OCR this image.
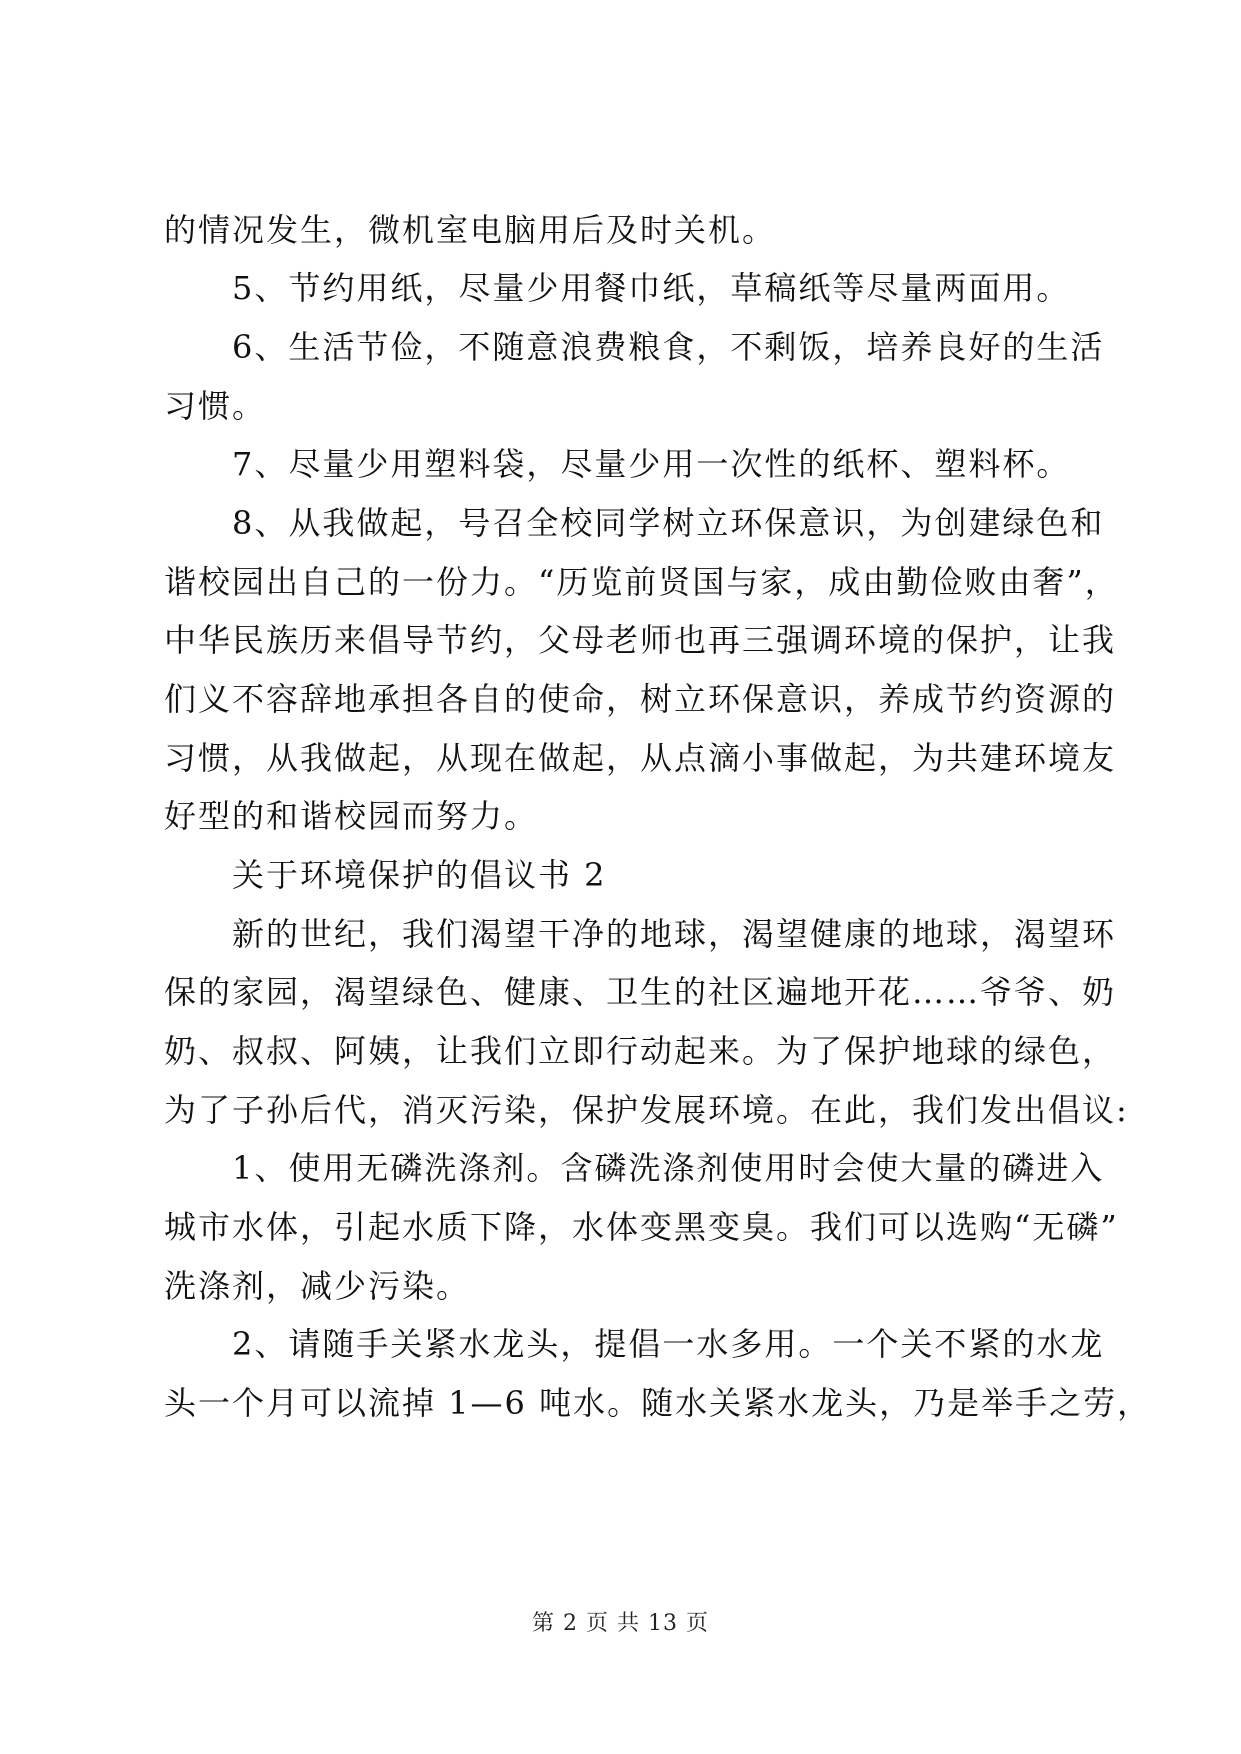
的情况发生，微机室电脑用后及时关机。
5、节约用纸，尽量少用餐巾纸，草稿纸等尽量两面用。
6、生活节俭，不随意浪费粮食，不剩饭，培养良好的生活
习惯。
7、尽量少用塑料袋，尽量少用一次性的纸杯、塑料杯。
8、从我做起，号召全校同学树立环保意识，为创建绿色和
谐校园出自己的一份力。“历览前贤国与家，成由勤俭败由奢”，
中华民族历来倡导节约，父母老师也再三强调环境的保护，让我
们义不容辞地承担各自的使命，树立环保意识，养成节约资源的
习惯，从我做起，从现在做起，从点滴小事做起，为共建环境友
好型的和谐校园而努力。
关于环境保护的倡议书 2
新的世纪，我们渴望干净的地球，渴望健康的地球，渴望环
保的家园，渴望绿色、健康、卫生的社区遍地开花……爷爷、奶
奶、叔叔、阿姨，让我们立即行动起来。为了保护地球的绿色，
为了子孙后代，消灭污染，保护发展环境。在此，我们发出倡议:
1、使用无磷洗涤剂。含磷洗涤剂使用时会使大量的磷进入
城市水体，引起水质下降，水体变黑变臭。我们可以选购“无磷”
洗涤剂，减少污染。
2、请随手关紧水龙头，提倡一水多用。一个关不紧的水龙
头一个月可以流掉 1—6 吨水。随水关紧水龙头，乃是举手之劳，
第 2 页 共 13 页
